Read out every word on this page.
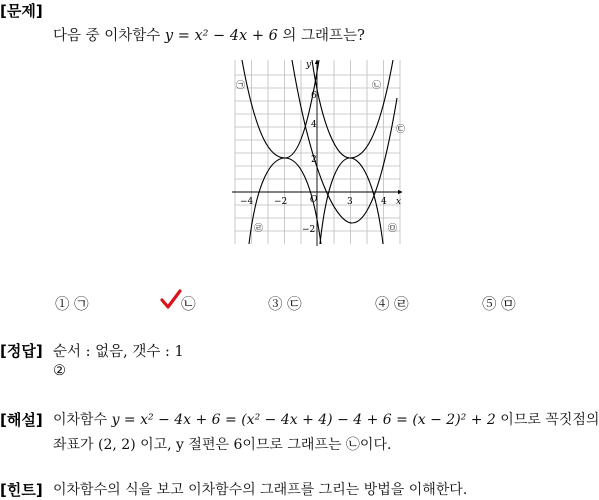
[문제]
다음 중 이차함수 y = x² − 4x + 6 의 그래프는?
㉠	㉡
㉢
㉣	㉤
y
x
−4 −2	3	4
6
4
2
−2
O
① ㉠	㉡	③ ㉢	④ ㉣	⑤ ㉤
[정답] 순서 : 없음, 갯수 : 1
②
[해설] 이차함수 y = x² − 4x + 6 = (x² − 4x + 4) − 4 + 6 = (x − 2)² + 2 이므로 꼭짓점의
좌표가 (2, 2) 이고, y 절편은 6이므로 그래프는 ㉡이다.
[힌트] 이차함수의 식을 보고 이차함수의 그래프를 그리는 방법을 이해한다.
